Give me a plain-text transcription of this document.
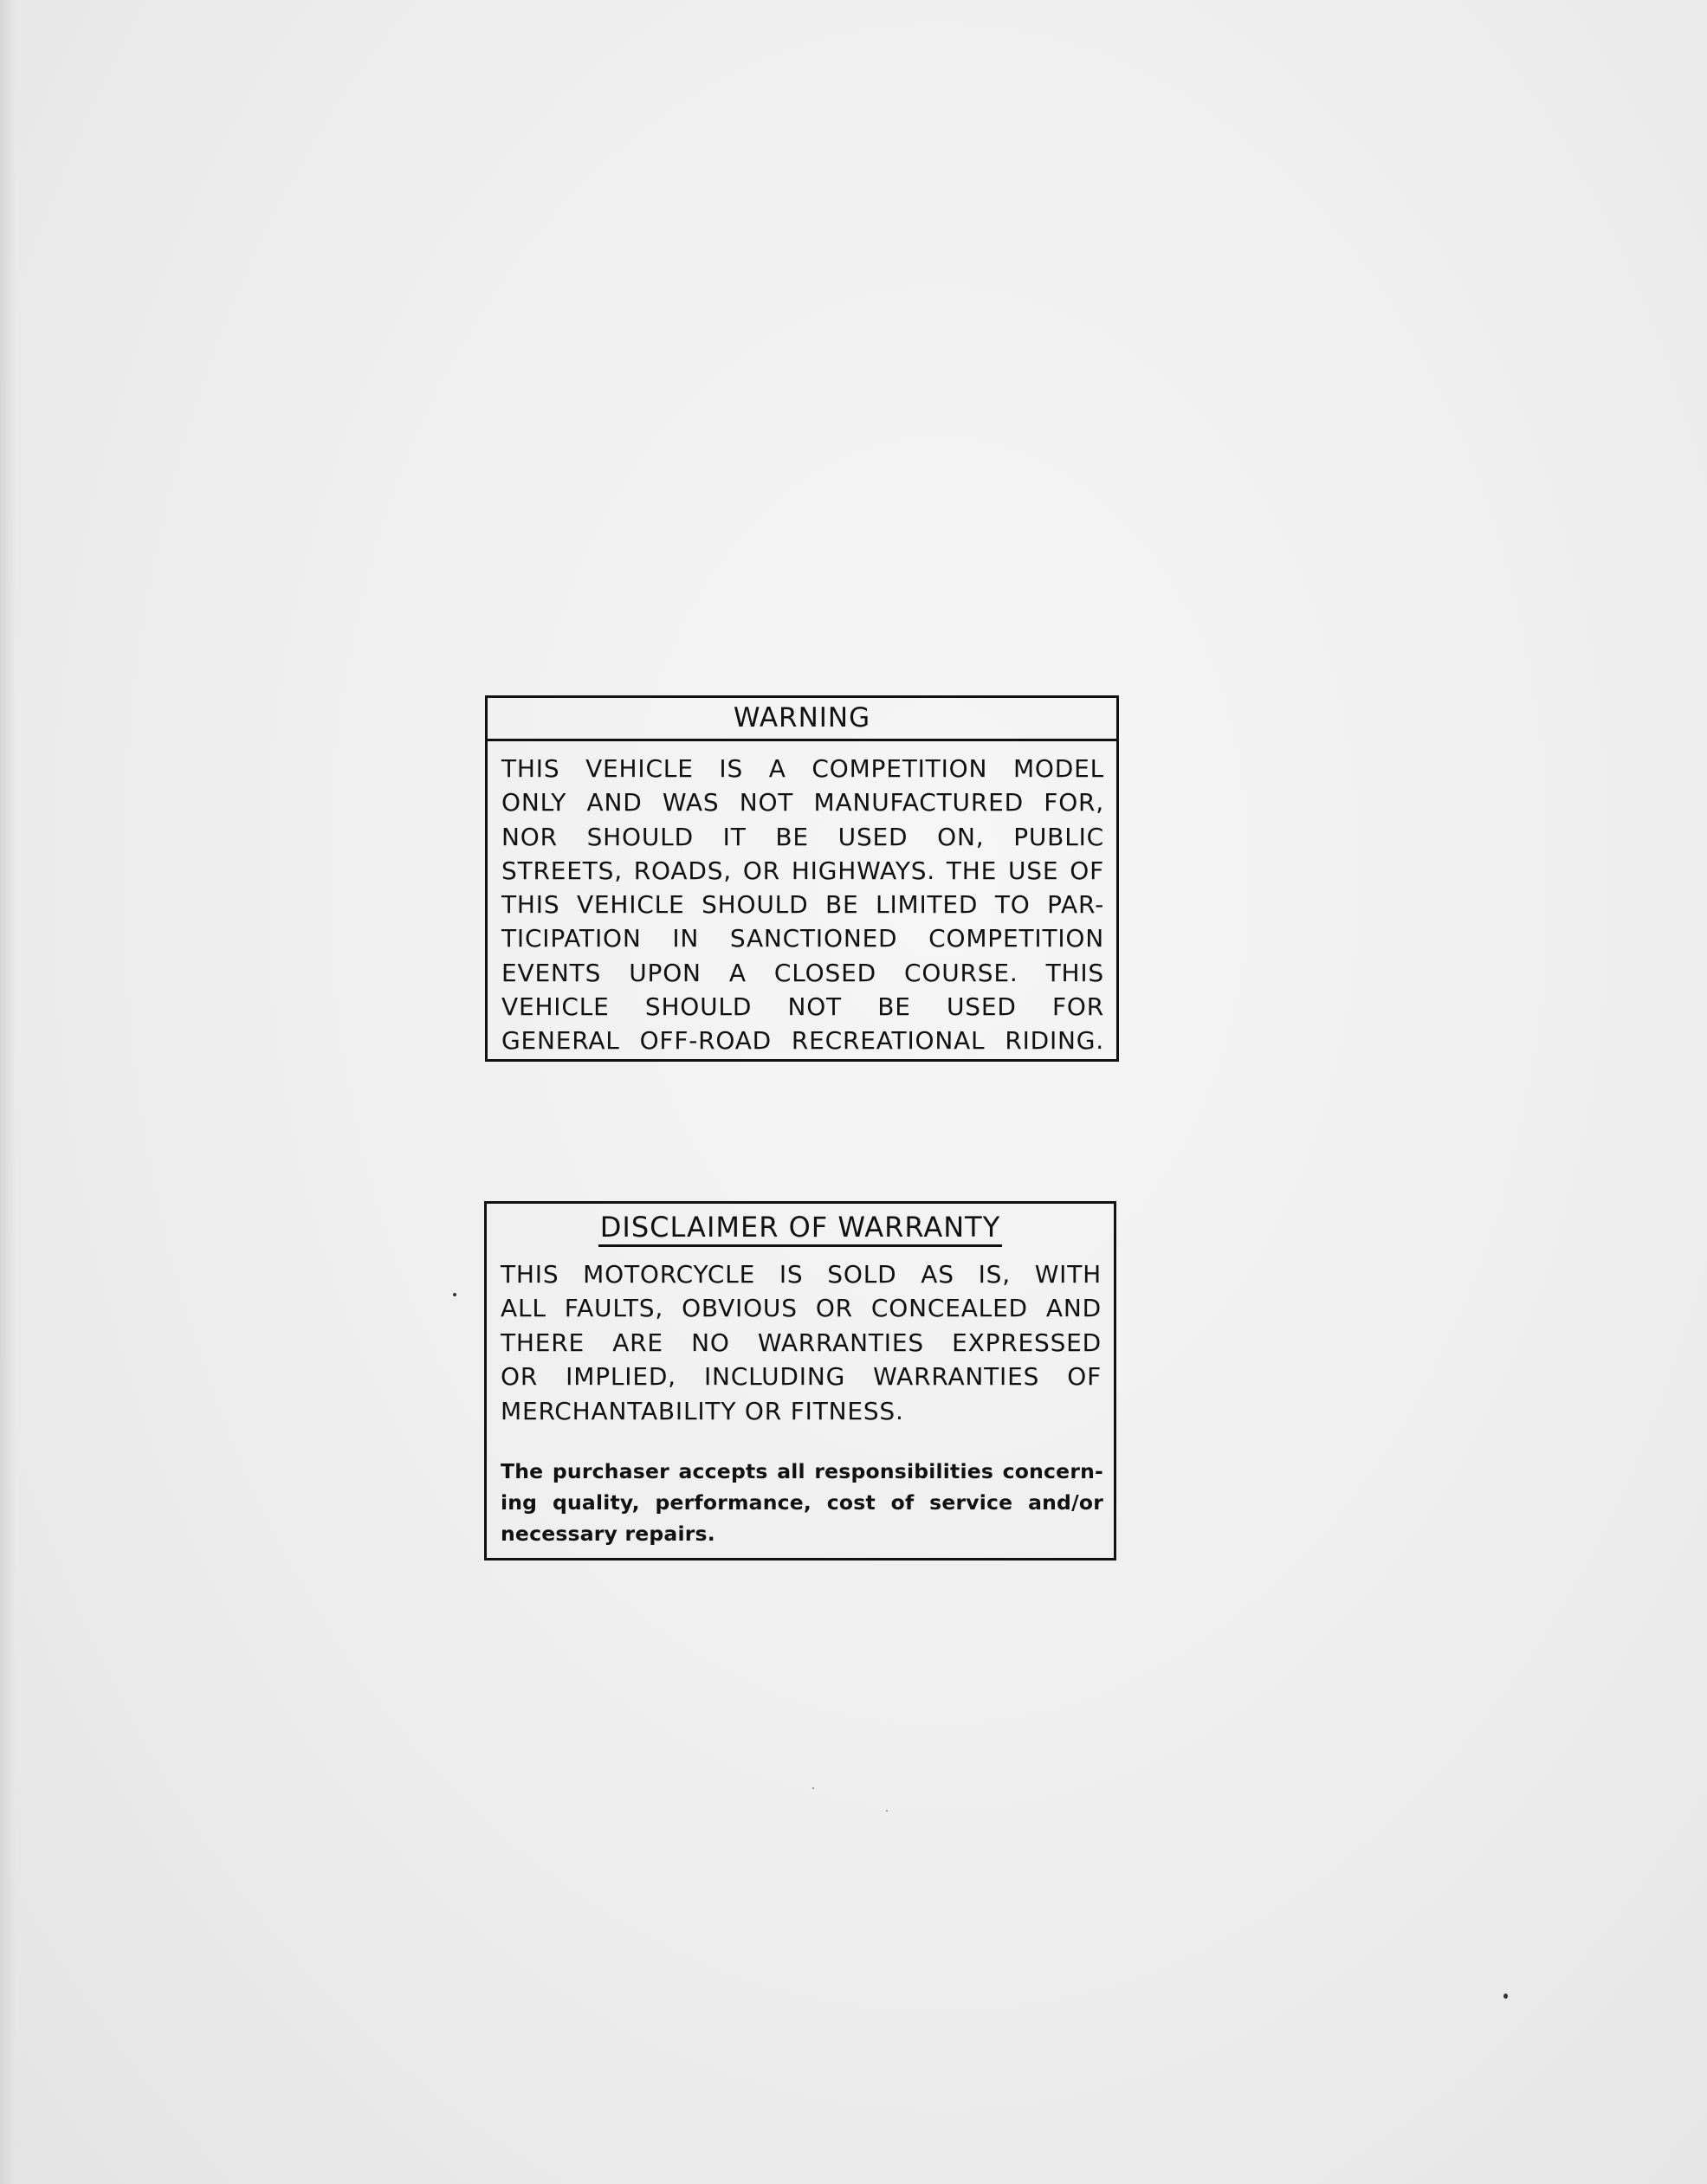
WARNING
THIS VEHICLE IS A COMPETITION MODEL
ONLY AND WAS NOT MANUFACTURED FOR,
NOR SHOULD IT BE USED ON, PUBLIC
STREETS, ROADS, OR HIGHWAYS. THE USE OF
THIS VEHICLE SHOULD BE LIMITED TO PAR-
TICIPATION IN SANCTIONED COMPETITION
EVENTS UPON A CLOSED COURSE. THIS
VEHICLE SHOULD NOT BE USED FOR
GENERAL OFF-ROAD RECREATIONAL RIDING.
DISCLAIMER OF WARRANTY
THIS MOTORCYCLE IS SOLD AS IS, WITH
ALL FAULTS, OBVIOUS OR CONCEALED AND
THERE ARE NO WARRANTIES EXPRESSED
OR IMPLIED, INCLUDING WARRANTIES OF
MERCHANTABILITY OR FITNESS.
The purchaser accepts all responsibilities concern-
ing quality, performance, cost of service and/or
necessary repairs.
